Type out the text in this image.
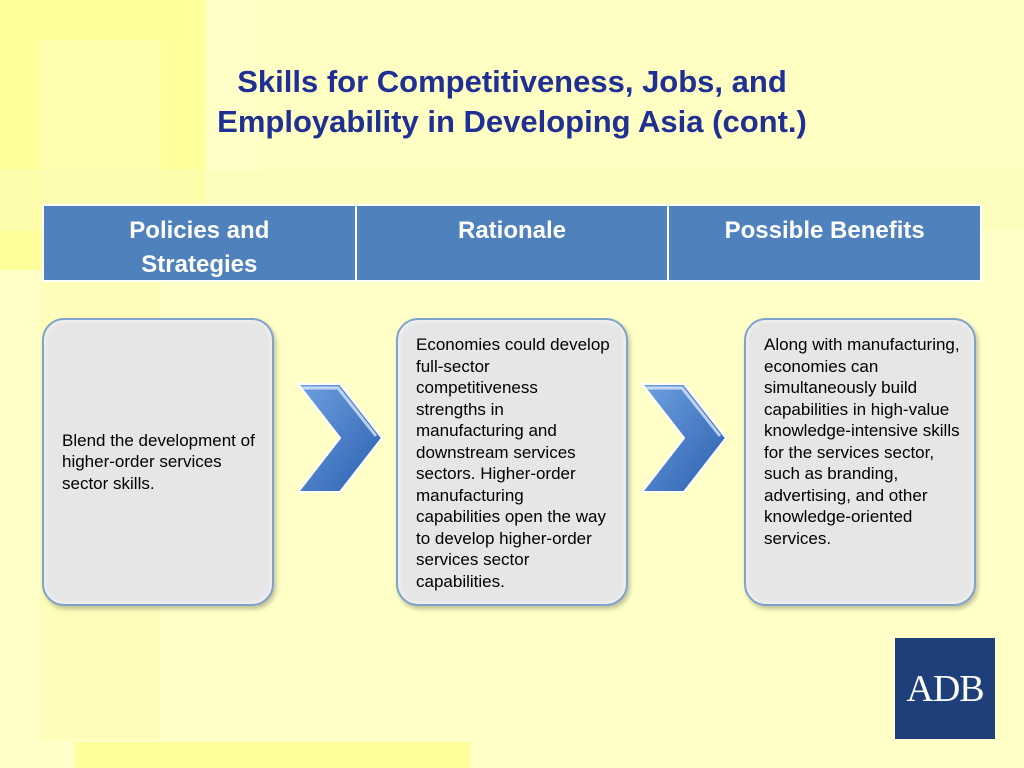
Skills for Competitiveness, Jobs, and
Employability in Developing Asia (cont.)
Policies and Strategies
Rationale	Possible Benefits

Blend the development of higher-order services sector skills.

Economies could develop full-sector competitiveness strengths in manufacturing and downstream services sectors. Higher-order manufacturing capabilities open the way to develop higher-order services sector capabilities.

Along with manufacturing, economies can simultaneously build capabilities in high-value knowledge-intensive skills for the services sector, such as branding, advertising, and other knowledge-oriented services.

ADB
